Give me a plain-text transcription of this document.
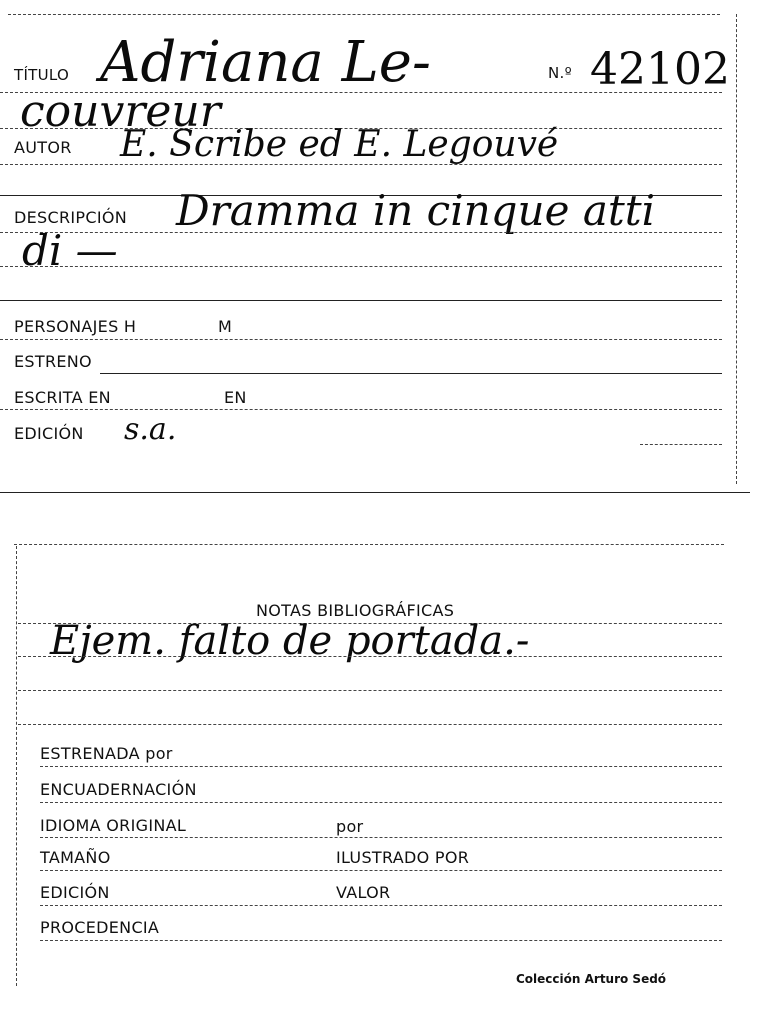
TÍTULO Adriana Le-	N.º 42102
couvreur
AUTOR E. Scribe ed E. Legouvé
DESCRIPCIÓN Dramma in cinque atti
di —
PERSONAJES H	M
ESTRENO
ESCRITA EN	EN
EDICIÓN s.a.
NOTAS BIBLIOGRÁFICAS
Ejem. falto de portada.-
ESTRENADA por
ENCUADERNACIÓN
IDIOMA ORIGINAL	por
TAMAÑO	ILUSTRADO POR
EDICIÓN	VALOR
PROCEDENCIA
Colección Arturo Sedó
